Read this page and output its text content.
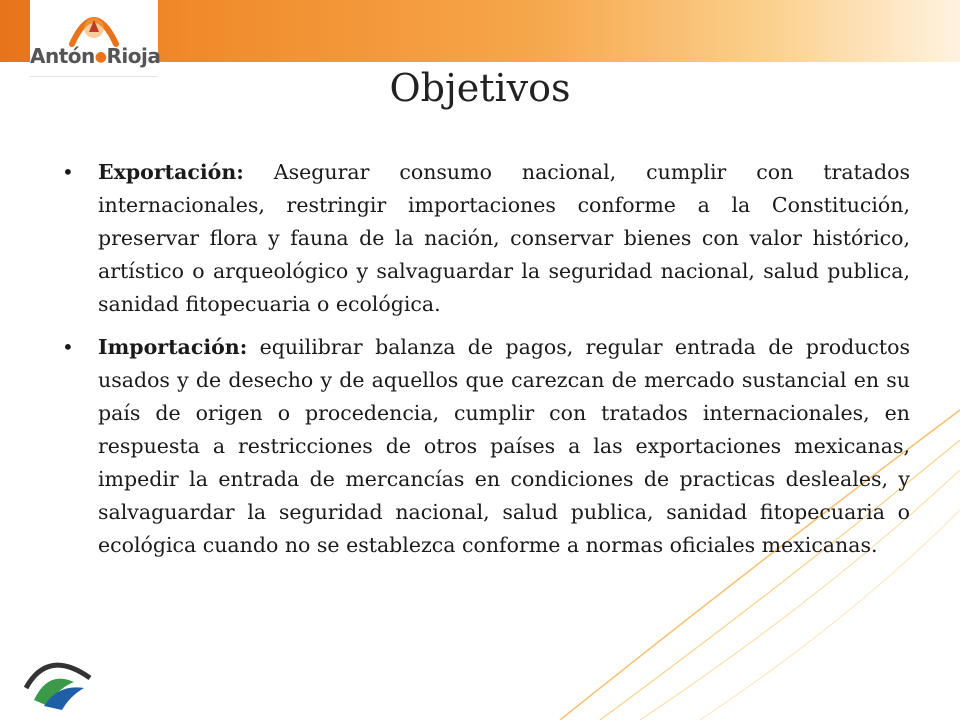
Antón●Rioja
Objetivos
• Exportación: Asegurar consumo nacional, cumplir con tratados internacionales, restringir importaciones conforme a la Constitución, preservar flora y fauna de la nación, conservar bienes con valor histórico, artístico o arqueológico y salvaguardar la seguridad nacional, salud publica, sanidad fitopecuaria o ecológica.
• Importación: equilibrar balanza de pagos, regular entrada de productos usados y de desecho y de aquellos que carezcan de mercado sustancial en su país de origen o procedencia, cumplir con tratados internacionales, en respuesta a restricciones de otros países a las exportaciones mexicanas, impedir la entrada de mercancías en condiciones de practicas desleales, y salvaguardar la seguridad nacional, salud publica, sanidad fitopecuaria o ecológica cuando no se establezca conforme a normas oficiales mexicanas.
